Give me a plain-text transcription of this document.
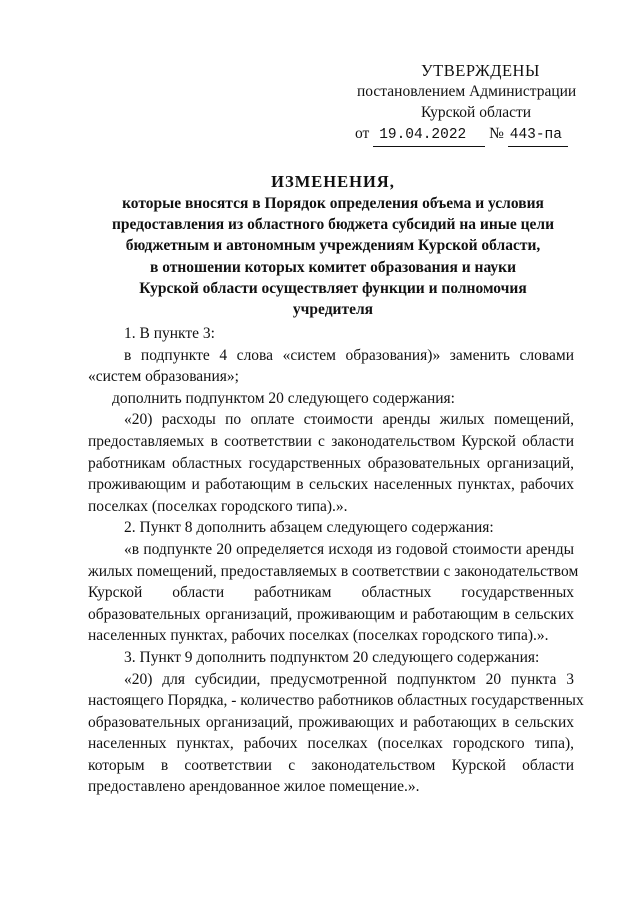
УТВЕРЖДЕНЫ
постановлением Администрации
Курской области
от 19.04.2022 № 443-па
ИЗМЕНЕНИЯ,
которые вносятся в Порядок определения объема и условия
предоставления из областного бюджета субсидий на иные цели
бюджетным и автономным учреждениям Курской области,
в отношении которых комитет образования и науки
Курской области осуществляет функции и полномочия
учредителя
1. В пункте 3:
в подпункте 4 слова «систем образования)» заменить словами
«систем образования»;
дополнить подпунктом 20 следующего содержания:
«20) расходы по оплате стоимости аренды жилых помещений,
предоставляемых в соответствии с законодательством Курской области
работникам областных государственных образовательных организаций,
проживающим и работающим в сельских населенных пунктах, рабочих
поселках (поселках городского типа).».
2. Пункт 8 дополнить абзацем следующего содержания:
«в подпункте 20 определяется исходя из годовой стоимости аренды
жилых помещений, предоставляемых в соответствии с законодательством
Курской области работникам областных государственных
образовательных организаций, проживающим и работающим в сельских
населенных пунктах, рабочих поселках (поселках городского типа).».
3. Пункт 9 дополнить подпунктом 20 следующего содержания:
«20) для субсидии, предусмотренной подпунктом 20 пункта 3
настоящего Порядка, - количество работников областных государственных
образовательных организаций, проживающих и работающих в сельских
населенных пунктах, рабочих поселках (поселках городского типа),
которым в соответствии с законодательством Курской области
предоставлено арендованное жилое помещение.».
